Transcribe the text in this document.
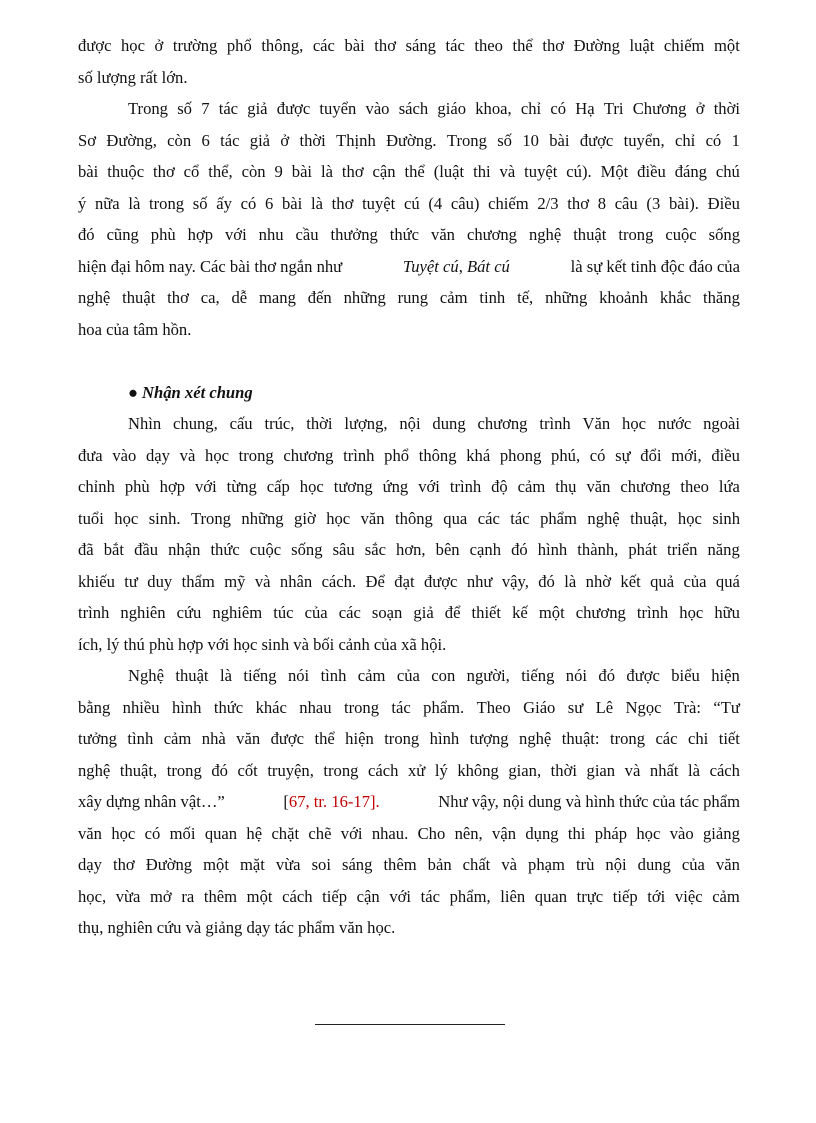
được học ở trường phổ thông, các bài thơ sáng tác theo thể thơ Đường luật chiếm một
số lượng rất lớn.
Trong số 7 tác giả được tuyển vào sách giáo khoa, chỉ có Hạ Tri Chương ở thời
Sơ Đường, còn 6 tác giả ở thời Thịnh Đường. Trong số 10 bài được tuyển, chỉ có 1
bài thuộc thơ cổ thể, còn 9 bài là thơ cận thể (luật thi và tuyệt cú). Một điều đáng chú
ý nữa là trong số ấy có 6 bài là thơ tuyệt cú (4 câu) chiếm 2/3 thơ 8 câu (3 bài). Điều
đó cũng phù hợp với nhu cầu thưởng thức văn chương nghệ thuật trong cuộc sống
hiện đại hôm nay. Các bài thơ ngắn như	Tuyệt cú, Bát cú	là sự kết tinh độc đáo của
nghệ thuật thơ ca, dễ mang đến những rung cảm tinh tế, những khoảnh khắc thăng
hoa của tâm hồn.
● Nhận xét chung
Nhìn chung, cấu trúc, thời lượng, nội dung chương trình Văn học nước ngoài
đưa vào dạy và học trong chương trình phổ thông khá phong phú, có sự đổi mới, điều
chỉnh phù hợp với từng cấp học tương ứng với trình độ cảm thụ văn chương theo lứa
tuổi học sinh. Trong những giờ học văn thông qua các tác phẩm nghệ thuật, học sinh
đã bắt đầu nhận thức cuộc sống sâu sắc hơn, bên cạnh đó hình thành, phát triển năng
khiếu tư duy thẩm mỹ và nhân cách. Để đạt được như vậy, đó là nhờ kết quả của quá
trình nghiên cứu nghiêm túc của các soạn giả để thiết kế một chương trình học hữu
ích, lý thú phù hợp với học sinh và bối cảnh của xã hội.
Nghệ thuật là tiếng nói tình cảm của con người, tiếng nói đó được biểu hiện
bằng nhiều hình thức khác nhau trong tác phẩm. Theo Giáo sư Lê Ngọc Trà: “Tư
tưởng tình cảm nhà văn được thể hiện trong hình tượng nghệ thuật: trong các chi tiết
nghệ thuật, trong đó cốt truyện, trong cách xử lý không gian, thời gian và nhất là cách
xây dựng nhân vật…”	[67, tr. 16-17].	Như vậy, nội dung và hình thức của tác phẩm
văn học có mối quan hệ chặt chẽ với nhau. Cho nên, vận dụng thi pháp học vào giảng
dạy thơ Đường một mặt vừa soi sáng thêm bản chất và phạm trù nội dung của văn
học, vừa mở ra thêm một cách tiếp cận với tác phẩm, liên quan trực tiếp tới việc cảm
thụ, nghiên cứu và giảng dạy tác phẩm văn học.
